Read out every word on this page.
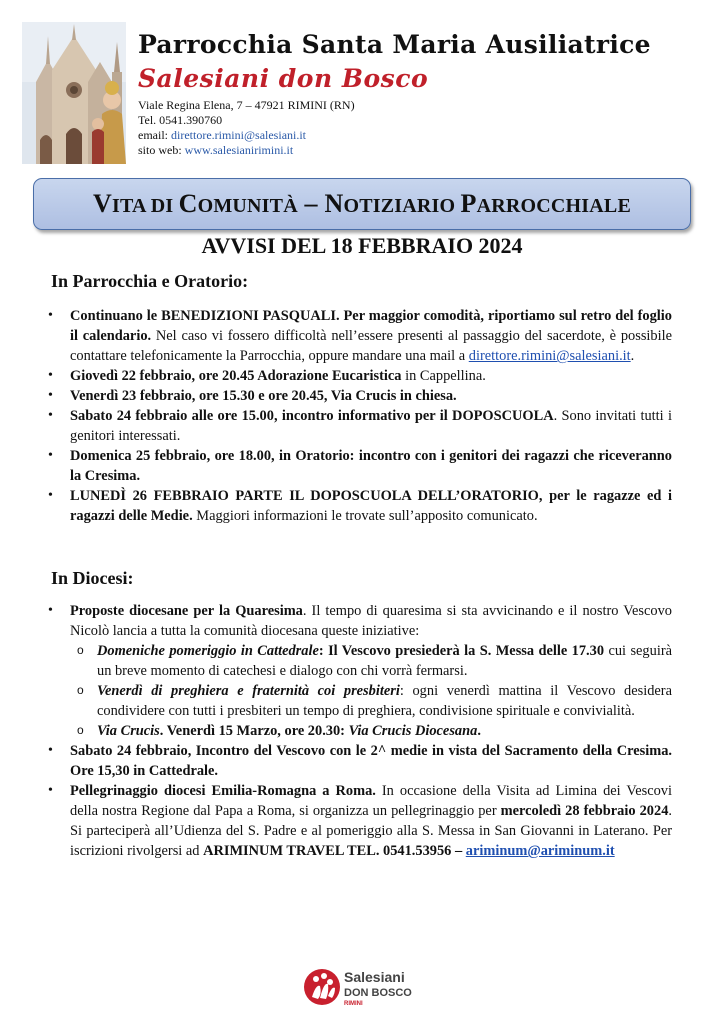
Parrocchia Santa Maria Ausiliatrice
Salesiani don Bosco
Viale Regina Elena, 7 – 47921 RIMINI (RN)
Tel. 0541.390760
email: direttore.rimini@salesiani.it
sito web: www.salesianirimini.it
VITA DI COMUNITÀ – NOTIZIARIO PARROCCHIALE
AVVISI DEL 18 FEBBRAIO 2024
In Parrocchia e Oratorio:
• Continuano le BENEDIZIONI PASQUALI. Per maggior comodità, riportiamo sul retro del foglio il calendario. Nel caso vi fossero difficoltà nell’essere presenti al passaggio del sacerdote, è possibile contattare telefonicamente la Parrocchia, oppure mandare una mail a direttore.rimini@salesiani.it.
• Giovedì 22 febbraio, ore 20.45 Adorazione Eucaristica in Cappellina.
• Venerdì 23 febbraio, ore 15.30 e ore 20.45, Via Crucis in chiesa.
• Sabato 24 febbraio alle ore 15.00, incontro informativo per il DOPOSCUOLA. Sono invitati tutti i genitori interessati.
• Domenica 25 febbraio, ore 18.00, in Oratorio: incontro con i genitori dei ragazzi che riceveranno la Cresima.
• LUNEDÌ 26 FEBBRAIO PARTE IL DOPOSCUOLA DELL’ORATORIO, per le ragazze ed i ragazzi delle Medie. Maggiori informazioni le trovate sull’apposito comunicato.
In Diocesi:
• Proposte diocesane per la Quaresima. Il tempo di quaresima si sta avvicinando e il nostro Vescovo Nicolò lancia a tutta la comunità diocesana queste iniziative:
o Domeniche pomeriggio in Cattedrale: Il Vescovo presiederà la S. Messa delle 17.30 cui seguirà un breve momento di catechesi e dialogo con chi vorrà fermarsi.
o Venerdì di preghiera e fraternità coi presbiteri: ogni venerdì mattina il Vescovo desidera condividere con tutti i presbiteri un tempo di preghiera, condivisione spirituale e convivialità.
o Via Crucis. Venerdì 15 Marzo, ore 20.30: Via Crucis Diocesana.
• Sabato 24 febbraio, Incontro del Vescovo con le 2^ medie in vista del Sacramento della Cresima. Ore 15,30 in Cattedrale.
• Pellegrinaggio diocesi Emilia-Romagna a Roma. In occasione della Visita ad Limina dei Vescovi della nostra Regione dal Papa a Roma, si organizza un pellegrinaggio per mercoledì 28 febbraio 2024. Si parteciperà all’Udienza del S. Padre e al pomeriggio alla S. Messa in San Giovanni in Laterano. Per iscrizioni rivolgersi ad ARIMINUM TRAVEL TEL. 0541.53956 – ariminum@ariminum.it
Salesiani
DON BOSCO
RIMINI
